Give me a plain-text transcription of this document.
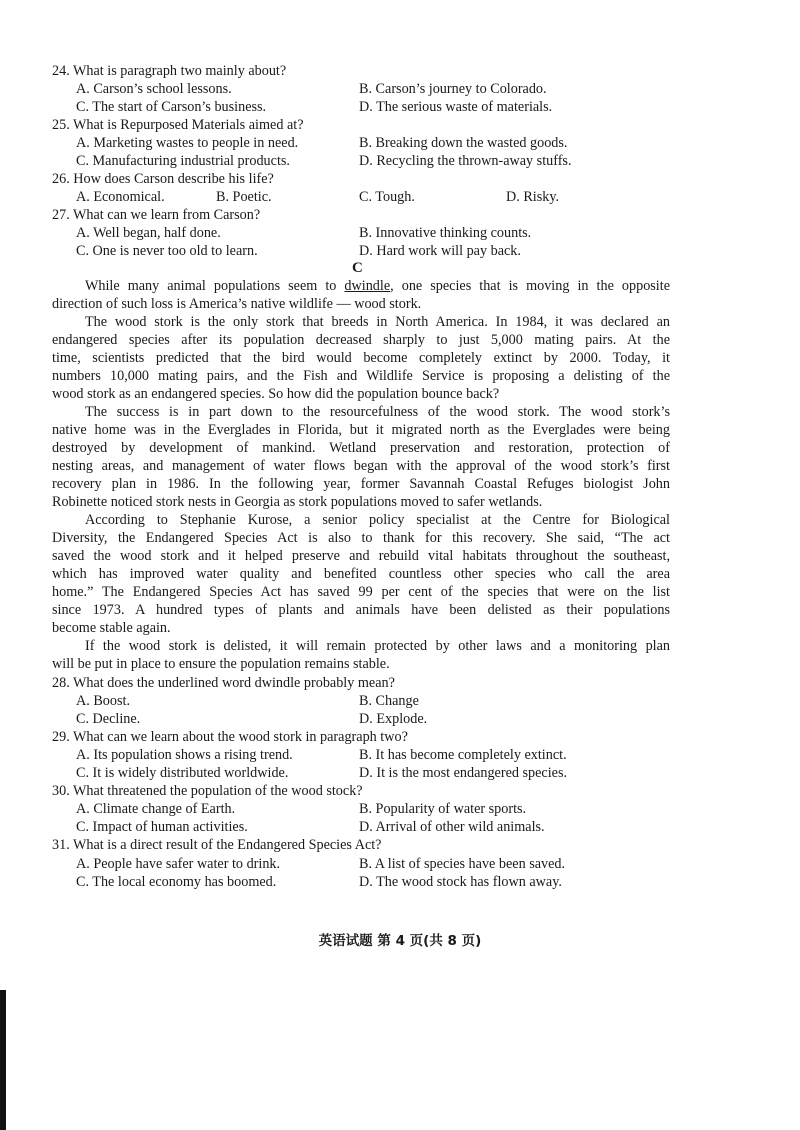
24. What is paragraph two mainly about?
A. Carson’s school lessons.	B. Carson’s journey to Colorado.
C. The start of Carson’s business.	D. The serious waste of materials.
25. What is Repurposed Materials aimed at?
A. Marketing wastes to people in need.	B. Breaking down the wasted goods.
C. Manufacturing industrial products.	D. Recycling the thrown-away stuffs.
26. How does Carson describe his life?
A. Economical.	B. Poetic.	C. Tough.	D. Risky.
27. What can we learn from Carson?
A. Well began, half done.	B. Innovative thinking counts.
C. One is never too old to learn.	D. Hard work will pay back.
C
While many animal populations seem to dwindle, one species that is moving in the opposite
direction of such loss is America’s native wildlife — wood stork.
The wood stork is the only stork that breeds in North America. In 1984, it was declared an
endangered species after its population decreased sharply to just 5,000 mating pairs. At the
time, scientists predicted that the bird would become completely extinct by 2000. Today, it
numbers 10,000 mating pairs, and the Fish and Wildlife Service is proposing a delisting of the
wood stork as an endangered species. So how did the population bounce back?
The success is in part down to the resourcefulness of the wood stork. The wood stork’s
native home was in the Everglades in Florida, but it migrated north as the Everglades were being
destroyed by development of mankind. Wetland preservation and restoration, protection of
nesting areas, and management of water flows began with the approval of the wood stork’s first
recovery plan in 1986. In the following year, former Savannah Coastal Refuges biologist John
Robinette noticed stork nests in Georgia as stork populations moved to safer wetlands.
According to Stephanie Kurose, a senior policy specialist at the Centre for Biological
Diversity, the Endangered Species Act is also to thank for this recovery. She said, “The act
saved the wood stork and it helped preserve and rebuild vital habitats throughout the southeast,
which has improved water quality and benefited countless other species who call the area
home.” The Endangered Species Act has saved 99 per cent of the species that were on the list
since 1973. A hundred types of plants and animals have been delisted as their populations
become stable again.
If the wood stork is delisted, it will remain protected by other laws and a monitoring plan
will be put in place to ensure the population remains stable.
28. What does the underlined word dwindle probably mean?
A. Boost.	B. Change
C. Decline.	D. Explode.
29. What can we learn about the wood stork in paragraph two?
A. Its population shows a rising trend.	B. It has become completely extinct.
C. It is widely distributed worldwide.	D. It is the most endangered species.
30. What threatened the population of the wood stock?
A. Climate change of Earth.	B. Popularity of water sports.
C. Impact of human activities.	D. Arrival of other wild animals.
31. What is a direct result of the Endangered Species Act?
A. People have safer water to drink.	B. A list of species have been saved.
C. The local economy has boomed.	D. The wood stock has flown away.
英语试题 第 4 页(共 8 页)
